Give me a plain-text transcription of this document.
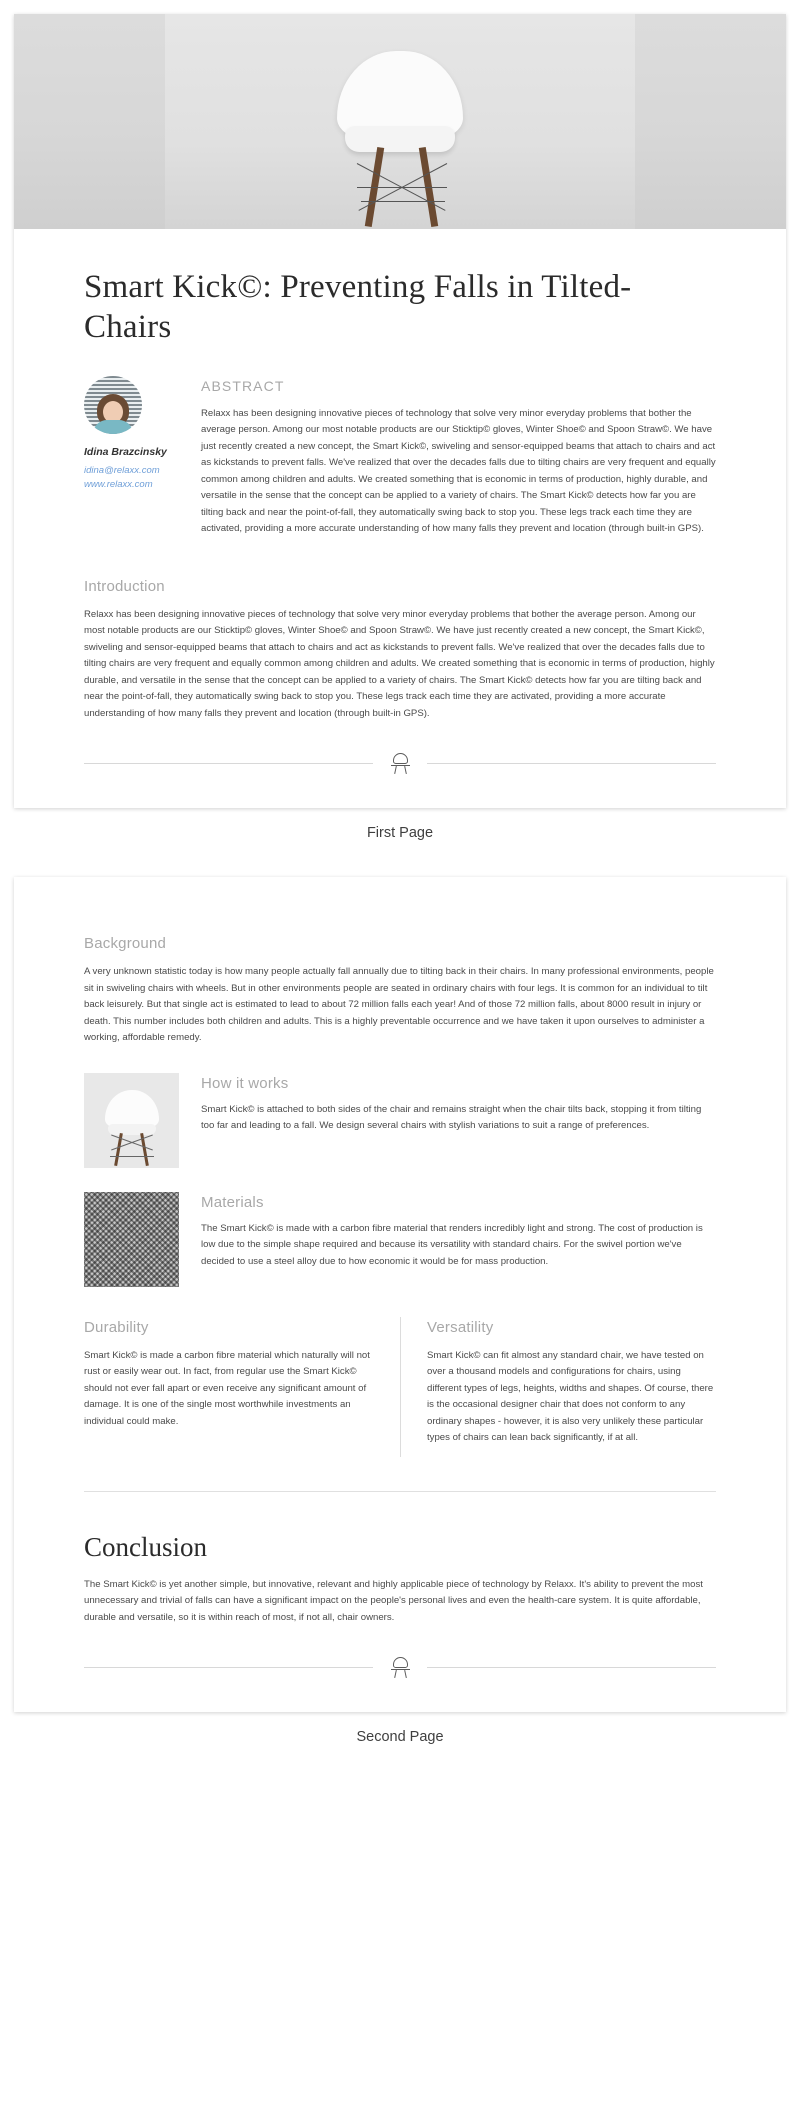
Smart Kick©: Preventing Falls in Tilted-Chairs
Idina Brazcinsky
idina@relaxx.com
www.relaxx.com
ABSTRACT

Relaxx has been designing innovative pieces of technology that solve very minor everyday problems that bother the average person. Among our most notable products are our Sticktip© gloves, Winter Shoe© and Spoon Straw©. We have just recently created a new concept, the Smart Kick©, swiveling and sensor-equipped beams that attach to chairs and act as kickstands to prevent falls. We've realized that over the decades falls due to tilting chairs are very frequent and equally common among children and adults. We created something that is economic in terms of production, highly durable, and versatile in the sense that the concept can be applied to a variety of chairs. The Smart Kick© detects how far you are tilting back and near the point-of-fall, they automatically swing back to stop you. These legs track each time they are activated, providing a more accurate understanding of how many falls they prevent and location (through built-in GPS).

Introduction

Relaxx has been designing innovative pieces of technology that solve very minor everyday problems that bother the average person. Among our most notable products are our Sticktip© gloves, Winter Shoe© and Spoon Straw©. We have just recently created a new concept, the Smart Kick©, swiveling and sensor-equipped beams that attach to chairs and act as kickstands to prevent falls. We've realized that over the decades falls due to tilting chairs are very frequent and equally common among children and adults. We created something that is economic in terms of production, highly durable, and versatile in the sense that the concept can be applied to a variety of chairs. The Smart Kick© detects how far you are tilting back and near the point-of-fall, they automatically swing back to stop you. These legs track each time they are activated, providing a more accurate understanding of how many falls they prevent and location (through built-in GPS).

First Page
Background

A very unknown statistic today is how many people actually fall annually due to tilting back in their chairs. In many professional environments, people sit in swiveling chairs with wheels. But in other environments people are seated in ordinary chairs with four legs. It is common for an individual to tilt back leisurely. But that single act is estimated to lead to about 72 million falls each year! And of those 72 million falls, about 8000 result in injury or death. This number includes both children and adults. This is a highly preventable occurrence and we have taken it upon ourselves to administer a working, affordable remedy.

How it works

Smart Kick© is attached to both sides of the chair and remains straight when the chair tilts back, stopping it from tilting too far and leading to a fall. We design several chairs with stylish variations to suit a range of preferences.

Materials

The Smart Kick© is made with a carbon fibre material that renders incredibly light and strong. The cost of production is low due to the simple shape required and because its versatility with standard chairs. For the swivel portion we've decided to use a steel alloy due to how economic it would be for mass production.

Durability

Smart Kick© is made a carbon fibre material which naturally will not rust or easily wear out. In fact, from regular use the Smart Kick© should not ever fall apart or even receive any significant amount of damage. It is one of the single most worthwhile investments an individual could make.

Versatility

Smart Kick© can fit almost any standard chair, we have tested on over a thousand models and configurations for chairs, using different types of legs, heights, widths and shapes. Of course, there is the occasional designer chair that does not conform to any ordinary shapes - however, it is also very unlikely these particular types of chairs can lean back significantly, if at all.

Conclusion

The Smart Kick© is yet another simple, but innovative, relevant and highly applicable piece of technology by Relaxx. It's ability to prevent the most unnecessary and trivial of falls can have a significant impact on the people's personal lives and even the health-care system. It is quite affordable, durable and versatile, so it is within reach of most, if not all, chair owners.

Second Page
